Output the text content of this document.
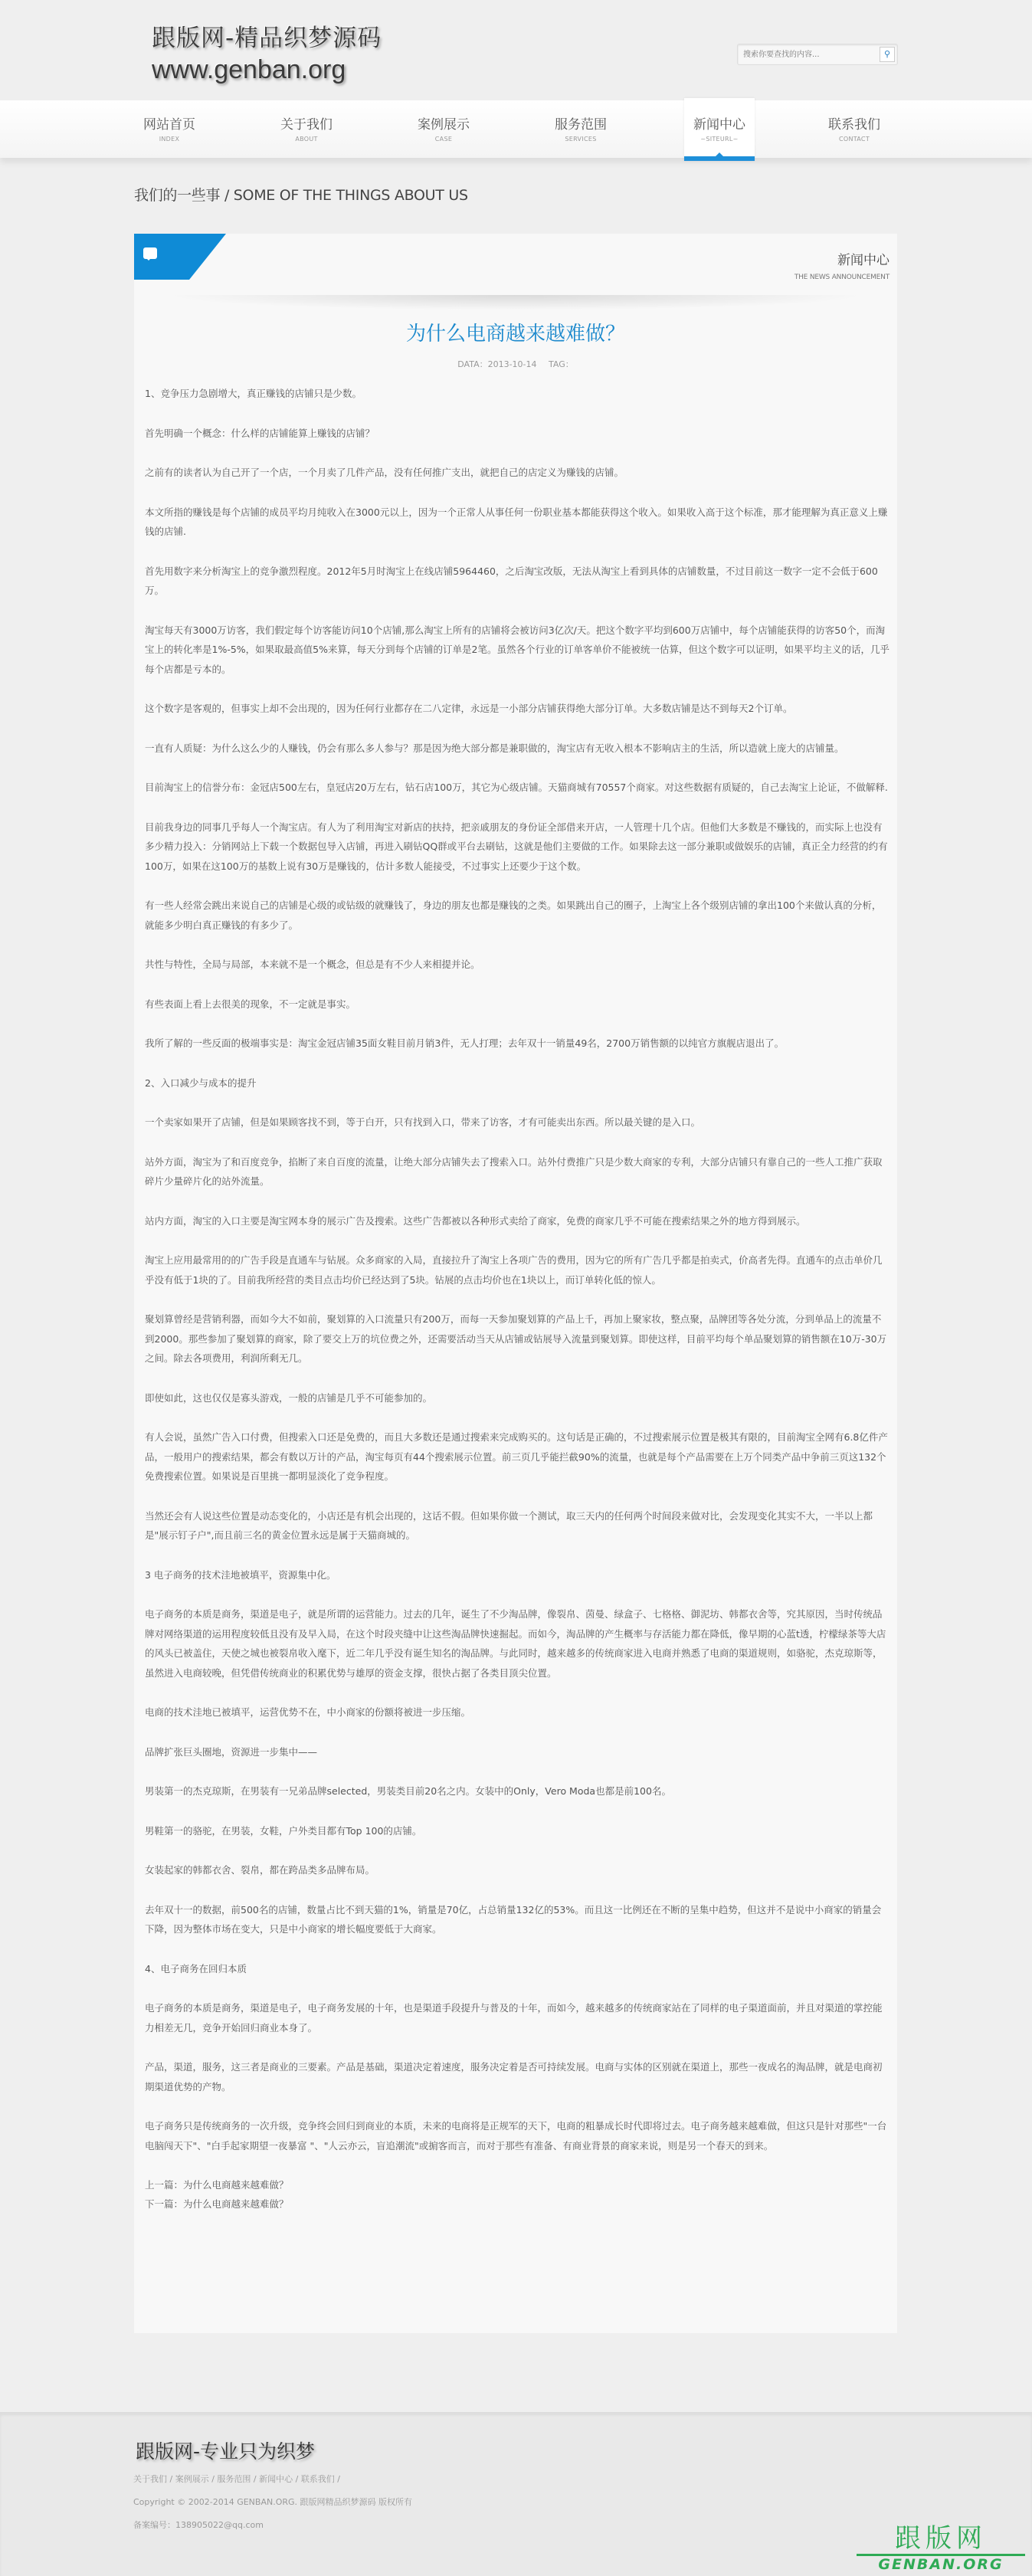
跟版网-精品织梦源码
www.genban.org
搜索你要查找的内容...
⚲
网站首页
INDEX
关于我们
ABOUT
案例展示
CASE
服务范围
SERVICES
新闻中心
~SITEURL~
联系我们
CONTACT
我们的一些事 / SOME OF THE THINGS ABOUT US
新闻中心
THE NEWS ANNOUNCEMENT
为什么电商越来越难做？
DATA：2013-10-14 TAG：

1、竞争压力急剧增大，真正赚钱的店铺只是少数。

首先明确一个概念：什么样的店铺能算上赚钱的店铺？

之前有的读者认为自己开了一个店，一个月卖了几件产品，没有任何推广支出，就把自己的店定义为赚钱的店铺。

本文所指的赚钱是每个店铺的成员平均月纯收入在3000元以上，因为一个正常人从事任何一份职业基本都能获得这个收入。如果收入高于这个标准，那才能理解为真正意义上赚钱的店铺.

首先用数字来分析淘宝上的竞争激烈程度。2012年5月时淘宝上在线店铺5964460，之后淘宝改版，无法从淘宝上看到具体的店铺数量，不过目前这一数字一定不会低于600万。

淘宝每天有3000万访客，我们假定每个访客能访问10个店铺,那么淘宝上所有的店铺将会被访问3亿次/天。把这个数字平均到600万店铺中，每个店铺能获得的访客50个，而淘宝上的转化率是1%-5%，如果取最高值5%来算，每天分到每个店铺的订单是2笔。虽然各个行业的订单客单价不能被统一估算，但这个数字可以证明，如果平均主义的话，几乎每个店都是亏本的。

这个数字是客观的，但事实上却不会出现的，因为任何行业都存在二八定律，永远是一小部分店铺获得绝大部分订单。大多数店铺是达不到每天2个订单。

一直有人质疑：为什么这么少的人赚钱，仍会有那么多人参与？那是因为绝大部分都是兼职做的，淘宝店有无收入根本不影响店主的生活，所以造就上庞大的店铺量。

目前淘宝上的信誉分布：金冠店500左右，皇冠店20万左右，钻石店100万，其它为心级店铺。天猫商城有70557个商家。对这些数据有质疑的，自己去淘宝上论证，不做解释.

目前我身边的同事几乎每人一个淘宝店。有人为了利用淘宝对新店的扶持，把亲戚朋友的身份证全部借来开店，一人管理十几个店。但他们大多数是不赚钱的，而实际上也没有多少精力投入：分销网站上下载一个数据包导入店铺，再进入刷钻QQ群或平台去刷钻，这就是他们主要做的工作。如果除去这一部分兼职或做娱乐的店铺，真正全力经营的约有100万，如果在这100万的基数上说有30万是赚钱的，估计多数人能接受，不过事实上还要少于这个数。

有一些人经常会跳出来说自己的店铺是心级的或钻级的就赚钱了，身边的朋友也都是赚钱的之类。如果跳出自己的圈子，上淘宝上各个级别店铺的拿出100个来做认真的分析，就能多少明白真正赚钱的有多少了。

共性与特性，全局与局部，本来就不是一个概念，但总是有不少人来相提并论。

有些表面上看上去很美的现象，不一定就是事实。

我所了解的一些反面的极端事实是：淘宝金冠店铺35面女鞋目前月销3件，无人打理；去年双十一销量49名，2700万销售额的以纯官方旗舰店退出了。

2、入口减少与成本的提升

一个卖家如果开了店铺，但是如果顾客找不到，等于白开，只有找到入口，带来了访客，才有可能卖出东西。所以最关键的是入口。

站外方面，淘宝为了和百度竞争，掐断了来自百度的流量，让绝大部分店铺失去了搜索入口。站外付费推广只是少数大商家的专利，大部分店铺只有靠自己的一些人工推广获取碎片少量碎片化的站外流量。

站内方面，淘宝的入口主要是淘宝网本身的展示广告及搜索。这些广告都被以各种形式卖给了商家，免费的商家几乎不可能在搜索结果之外的地方得到展示。

淘宝上应用最常用的的广告手段是直通车与钻展。众多商家的入局，直接拉升了淘宝上各项广告的费用，因为它的所有广告几乎都是拍卖式，价高者先得。直通车的点击单价几乎没有低于1块的了。目前我所经营的类目点击均价已经达到了5块。钻展的点击均价也在1块以上，而订单转化低的惊人。

聚划算曾经是营销利器，而如今大不如前，聚划算的入口流量只有200万，而每一天参加聚划算的产品上千，再加上聚家妆，整点聚，品牌团等各处分流，分到单品上的流量不到2000。那些参加了聚划算的商家，除了要交上万的坑位费之外，还需要活动当天从店铺或钻展导入流量到聚划算。即使这样，目前平均每个单品聚划算的销售额在10万-30万之间。除去各项费用，利润所剩无几。

即使如此，这也仅仅是寡头游戏，一般的店铺是几乎不可能参加的。

有人会说，虽然广告入口付费，但搜索入口还是免费的，而且大多数还是通过搜索来完成购买的。这句话是正确的，不过搜索展示位置是极其有限的，目前淘宝全网有6.8亿件产品，一般用户的搜索结果，都会有数以万计的产品，淘宝每页有44个搜索展示位置。前三页几乎能拦截90%的流量，也就是每个产品需要在上万个同类产品中争前三页这132个免费搜索位置。如果说是百里挑一都明显淡化了竞争程度。

当然还会有人说这些位置是动态变化的，小店还是有机会出现的，这话不假。但如果你做一个测试，取三天内的任何两个时间段来做对比，会发现变化其实不大，一半以上都是"展示钉子户",而且前三名的黄金位置永远是属于天猫商城的。

3 电子商务的技术洼地被填平，资源集中化。

电子商务的本质是商务，渠道是电子，就是所谓的运营能力。过去的几年，诞生了不少淘品牌，像裂帛、茵曼、绿盒子、七格格、御泥坊、韩都衣舍等，究其原因，当时传统品牌对网络渠道的运用程度较低且没有及早入局，在这个时段夹缝中让这些淘品牌快速掘起。而如今，淘品牌的产生概率与存活能力都在降低，像早期的心蓝t透，柠檬绿茶等大店的风头已被盖住，天使之城也被裂帛收入麾下，近二年几乎没有诞生知名的淘品牌。与此同时，越来越多的传统商家进入电商并熟悉了电商的渠道规则，如骆驼，杰克琼斯等，虽然进入电商较晚，但凭借传统商业的积累优势与雄厚的资金支撑，很快占据了各类目顶尖位置。

电商的技术洼地已被填平，运营优势不在，中小商家的份额将被进一步压缩。

品牌扩张巨头圈地，资源进一步集中——

男装第一的杰克琼斯，在男装有一兄弟品牌selected，男装类目前20名之内。女装中的Only，Vero Moda也都是前100名。

男鞋第一的骆驼，在男装，女鞋，户外类目都有Top 100的店铺。

女装起家的韩都衣舍、裂帛，都在跨品类多品牌布局。

去年双十一的数据，前500名的店铺，数量占比不到天猫的1%，销量是70亿，占总销量132亿的53%。而且这一比例还在不断的呈集中趋势，但这并不是说中小商家的销量会下降，因为整体市场在变大，只是中小商家的增长幅度要低于大商家。

4、电子商务在回归本质

电子商务的本质是商务，渠道是电子，电子商务发展的十年，也是渠道手段提升与普及的十年，而如今，越来越多的传统商家站在了同样的电子渠道面前，并且对渠道的掌控能力相差无几，竞争开始回归商业本身了。

产品，渠道，服务，这三者是商业的三要素。产品是基础，渠道决定着速度，服务决定着是否可持续发展。电商与实体的区别就在渠道上，那些一夜成名的淘品牌，就是电商初期渠道优势的产物。

电子商务只是传统商务的一次升级，竞争终会回归到商业的本质，未来的电商将是正规军的天下，电商的粗暴成长时代即将过去。电子商务越来越难做，但这只是针对那些"一台电脑闯天下"、"白手起家期望一夜暴富 "、"人云亦云，盲追潮流"或掮客而言，而对于那些有准备、有商业背景的商家来说，则是另一个春天的到来。

上一篇：为什么电商越来越难做？
下一篇：为什么电商越来越难做？
跟版网-专业只为织梦
关于我们 / 案例展示 / 服务范围 / 新闻中心 / 联系我们 /
Copyright © 2002-2014 GENBAN.ORG. 跟版网精品织梦源码 版权所有
备案编号：138905022@qq.com	跟版网
GENBAN.ORG
